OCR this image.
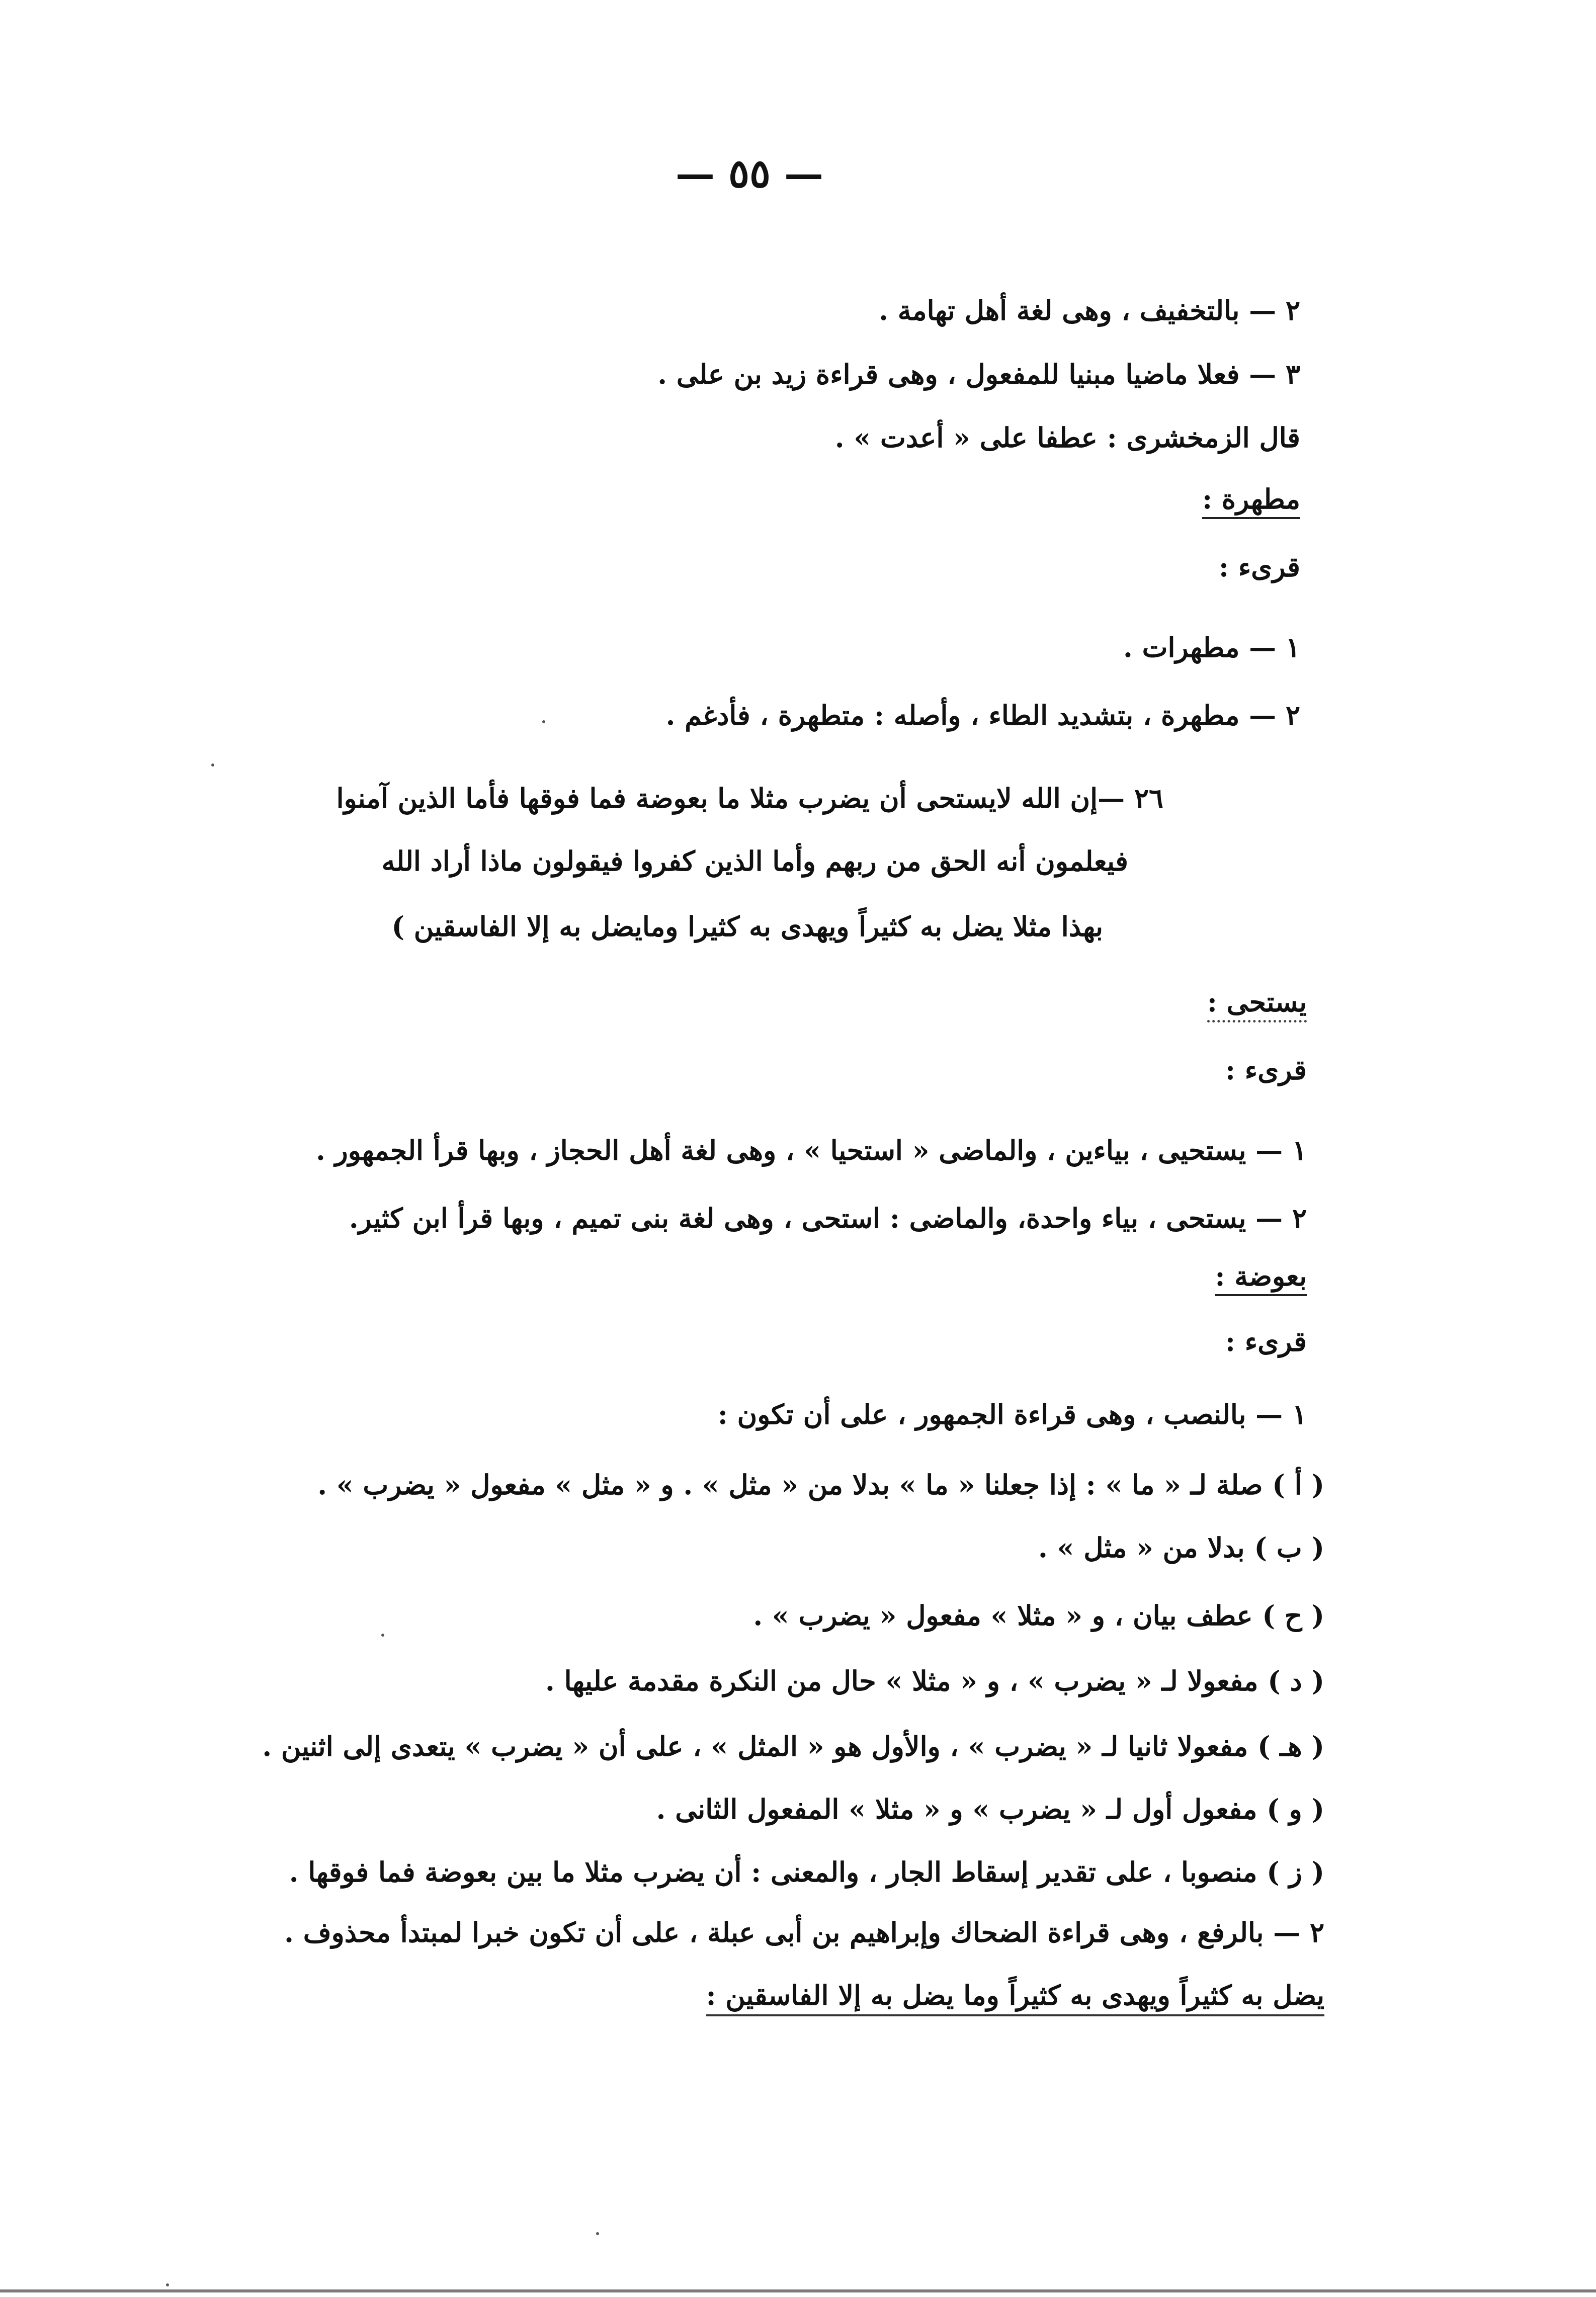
— ٥٥ —
٢ — بالتخفيف ، وهى لغة أهل تهامة .
٣ — فعلا ماضيا مبنيا للمفعول ، وهى قراءة زيد بن على .
قال الزمخشرى : عطفا على « أعدت » .
مطهرة :
قرىء :
١ — مطهرات .
٢ — مطهرة ، بتشديد الطاء ، وأصله : متطهرة ، فأدغم .
٢٦ —إن الله لايستحى أن يضرب مثلا ما بعوضة فما فوقها فأما الذين آمنوا
فيعلمون أنه الحق من ربهم وأما الذين كفروا فيقولون ماذا أراد الله
بهذا مثلا يضل به كثيراً ويهدى به كثيرا ومايضل به إلا الفاسقين )
يستحى :
قرىء :
١ — يستحيى ، بياءين ، والماضى « استحيا » ، وهى لغة أهل الحجاز ، وبها قرأ الجمهور .
٢ — يستحى ، بياء واحدة، والماضى : استحى ، وهى لغة بنى تميم ، وبها قرأ ابن كثير.
بعوضة :
قرىء :
١ — بالنصب ، وهى قراءة الجمهور ، على أن تكون :
( أ ) صلة لـ « ما » : إذا جعلنا « ما » بدلا من « مثل » . و « مثل » مفعول « يضرب » .
( ب ) بدلا من « مثل » .
( ح ) عطف بيان ، و « مثلا » مفعول « يضرب » .
( د ) مفعولا لـ « يضرب » ، و « مثلا » حال من النكرة مقدمة عليها .
( هـ ) مفعولا ثانيا لـ « يضرب » ، والأول هو « المثل » ، على أن « يضرب » يتعدى إلى اثنين .
( و ) مفعول أول لـ « يضرب » و « مثلا » المفعول الثانى .
( ز ) منصوبا ، على تقدير إسقاط الجار ، والمعنى : أن يضرب مثلا ما بين بعوضة فما فوقها .
٢ — بالرفع ، وهى قراءة الضحاك وإبراهيم بن أبى عبلة ، على أن تكون خبرا لمبتدأ محذوف .
يضل به كثيراً ويهدى به كثيراً وما يضل به إلا الفاسقين :
